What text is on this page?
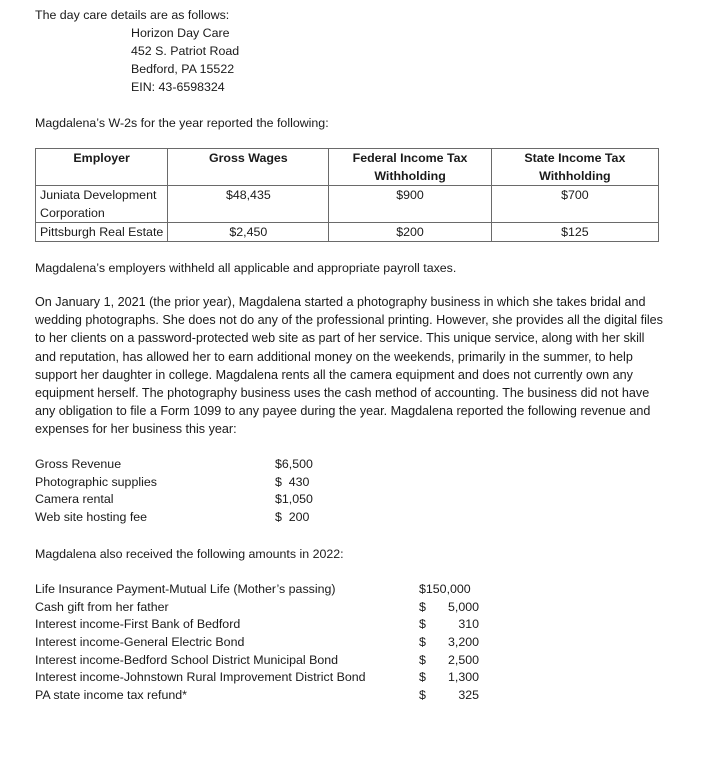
The day care details are as follows:
Horizon Day Care
452 S. Patriot Road
Bedford, PA 15522
EIN: 43-6598324
Magdalena’s W-2s for the year reported the following:
Employer	Gross Wages	Federal Income Tax Withholding	State Income Tax Withholding
Juniata Development Corporation	$48,435	$900	$700
Pittsburgh Real Estate	$2,450	$200	$125
Magdalena’s employers withheld all applicable and appropriate payroll taxes.
On January 1, 2021 (the prior year), Magdalena started a photography business in which she takes bridal and wedding photographs. She does not do any of the professional printing. However, she provides all the digital files to her clients on a password-protected web site as part of her service. This unique service, along with her skill and reputation, has allowed her to earn additional money on the weekends, primarily in the summer, to help support her daughter in college. Magdalena rents all the camera equipment and does not currently own any equipment herself. The photography business uses the cash method of accounting. The business did not have any obligation to file a Form 1099 to any payee during the year. Magdalena reported the following revenue and expenses for her business this year:
Gross Revenue	$6,500
Photographic supplies	$  430
Camera rental	$1,050
Web site hosting fee	$  200
Magdalena also received the following amounts in 2022:
Life Insurance Payment-Mutual Life (Mother’s passing)	$150,000
Cash gift from her father	$ 5,000
Interest income-First Bank of Bedford	$	310
Interest income-General Electric Bond	$ 3,200
Interest income-Bedford School District Municipal Bond	$ 2,500
Interest income-Johnstown Rural Improvement District Bond	$ 1,300
PA state income tax refund*	$	325
